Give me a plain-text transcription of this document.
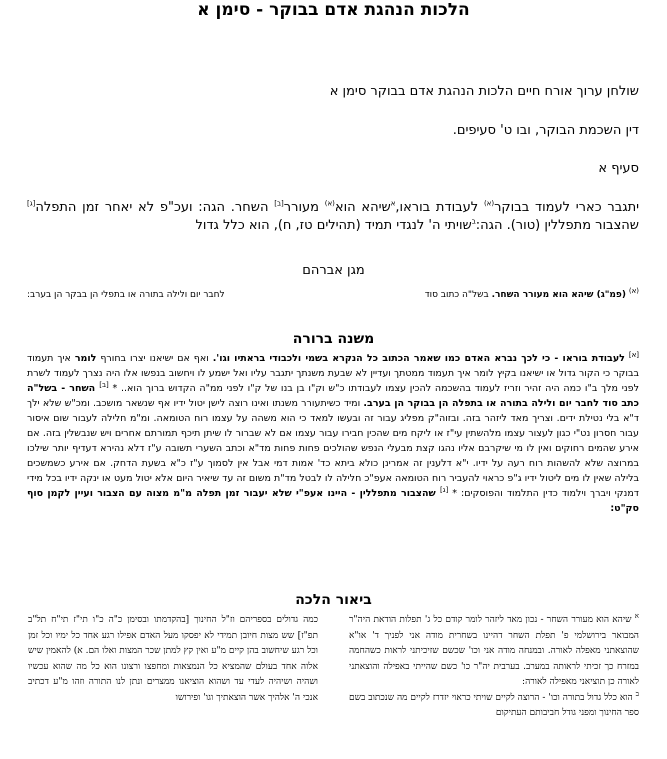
הלכות הנהגת אדם בבוקר - סימן א
שולחן ערוך אורח חיים הלכות הנהגת אדם בבוקר סימן א
דין השכמת הבוקר, ובו ט' סעיפים.
סעיף א
יתגבר כארי לעמוד בבוקר$^{(א)}$ לעבודת בוראו,$^א$שיהא הוא$^{(א)}$ מעורר[ב] השחר. הגה: ועכ"פ לא יאחר זמן התפלה[ג] שהצבור מתפללין (טור). הגה:$^ב$שויתי ה' לנגדי תמיד (תהילים טז, ח), הוא כלל גדול
מגן אברהם
$^{(א)}$ (פמ"ג) שיהא הוא מעורר השחר. בשל"ה כתוב סוד
לחבר יום ולילה בתורה או בתפלי הן בבקר הן בערב:
משנה ברורה
[א] לעבודת בוראו - כי לכך נברא האדם כמו שאמר הכתוב כל הנקרא בשמי ולכבודי בראתיו וגו'. ואף אם ישיאנו יצרו בחורף לומר איך תעמוד בבוקר כי הקור גדול או ישיאנו בקיץ לומר איך תעמוד ממטתך ועדיין לא שבעת משנתך יתגבר עליו ואל ישמע לו ויחשוב בנפשו אלו היה נצרך לעמוד לשרת לפני מלך ב"ו כמה היה זהיר וזריז לעמוד בהשכמה להכין עצמו לעבודתו כ"ש וק"ו בן בנו של ק"ו לפני ממ"ה הקדוש ברוך הוא.. * [ב] השחר - בשל"ה כתב סוד לחבר יום ולילה בתורה או בתפלה הן בבוקר הן בערב. ומיד כשיתעורר משנתו ואינו רוצה לישן יטול ידיו אף שנשאר מושכב. ומכ"ש שלא ילך ד"א בלי נטילת ידים. וצריך מאד ליזהר בזה. ובזוה"ק מפליג עבור זה ובעשו למאד כי הוא משהה על עצמו רוח הטומאה. ומ"מ חלילה לעבור שום איסור עבור חסרון נט"י כגון לעצור עצמו מלהשתין עי"ז או ליקח מים שהכין חבירו עבור עצמו אם לא שברור לו שיתן תיכף תמורתם אחרים ויש שנבשלין בזה. אם אירע שהמים רחוקים ואין לו מי שיקרבם אליו נהגו קצת מבעלי הנפש שהולכים פחות פחות מד"א וכתב השערי תשובה ע"ז דלא נהירא דעדיף יותר שילכו במרוצה שלא להשהות רוח רעה על ידיו. י"א דלענין זה אמרינן כולא ביתא כד' אמות דמי אבל אין לסמוך ע"ז כ"א בשעת הדחק. אם אירע כשמשכים בלילה שאין לו מים ליטול ידיו ג"פ כראוי להעביר רוח הטומאה אעפ"כ חלילה לו לבטל מד"ת משום זה עד שיאיר היום אלא יטול מעט או ינקה ידיו בכל מידי דמנקי ויברך וילמוד כדין התלמוד והפוסקים: * [ג] שהצבור מתפללין - היינו אעפ"י שלא יעבור זמן תפלה מ"מ מצוה עם הצבור ועיין לקמן סוף סק"ט:
ביאור הלכה
$^א$ שיהא הוא מעורר השחר - נכון מאד ליזהר לומר קודם כל ג' תפלות הודאת היה"ר המבואר בירושלמי פ' תפלת השחר דהיינו בשחרית מודה אני לפניך ד' או"א שהוצאתני מאפלה לאורה. ובמנחה מודה אני וכו' שכשם שזיכיתני לראות כשהחמה במזרח כך זכיתי לראותה במערב. בערבית יה"ר כו' כשם שהייתי באפילה והוצאתני לאורה כן תוציאני מאפילה לאורה:
$^ב$ הוא כלל גדול בתורה וכו' - הרוצה לקיים שויתי כראוי יזדרז לקיים מה שנכתוב בשם ספר החינוך ומפני גודל חביבותם העתיקום
כמה גדולים בספריהם וז"ל החינוך [בהקדמתו ובסימן כ"ה כ"ו תי"ז תי"ח תל"ב תפ"ז] שש מצות חיובן תמידי לא יפסקו מעל האדם אפילו רגע אחד כל ימיו וכל זמן וכל רגע שיחשוב בהן קיים מ"ע ואין קץ למתן שכר המצות ואלו הם. א) להאמין שיש אלוה אחד בעולם שהמציא כל הנמצאות ומחפצו ורצונו הוא כל מה שהוא עכשיו ושהיה ושיהיה לעדי עד ושהוא הוציאנו ממצרים ונתן לנו התורה וזהו מ"ע דכתיב אנכי ה' אלהיך אשר הוצאתיך וגו' ופירושו
